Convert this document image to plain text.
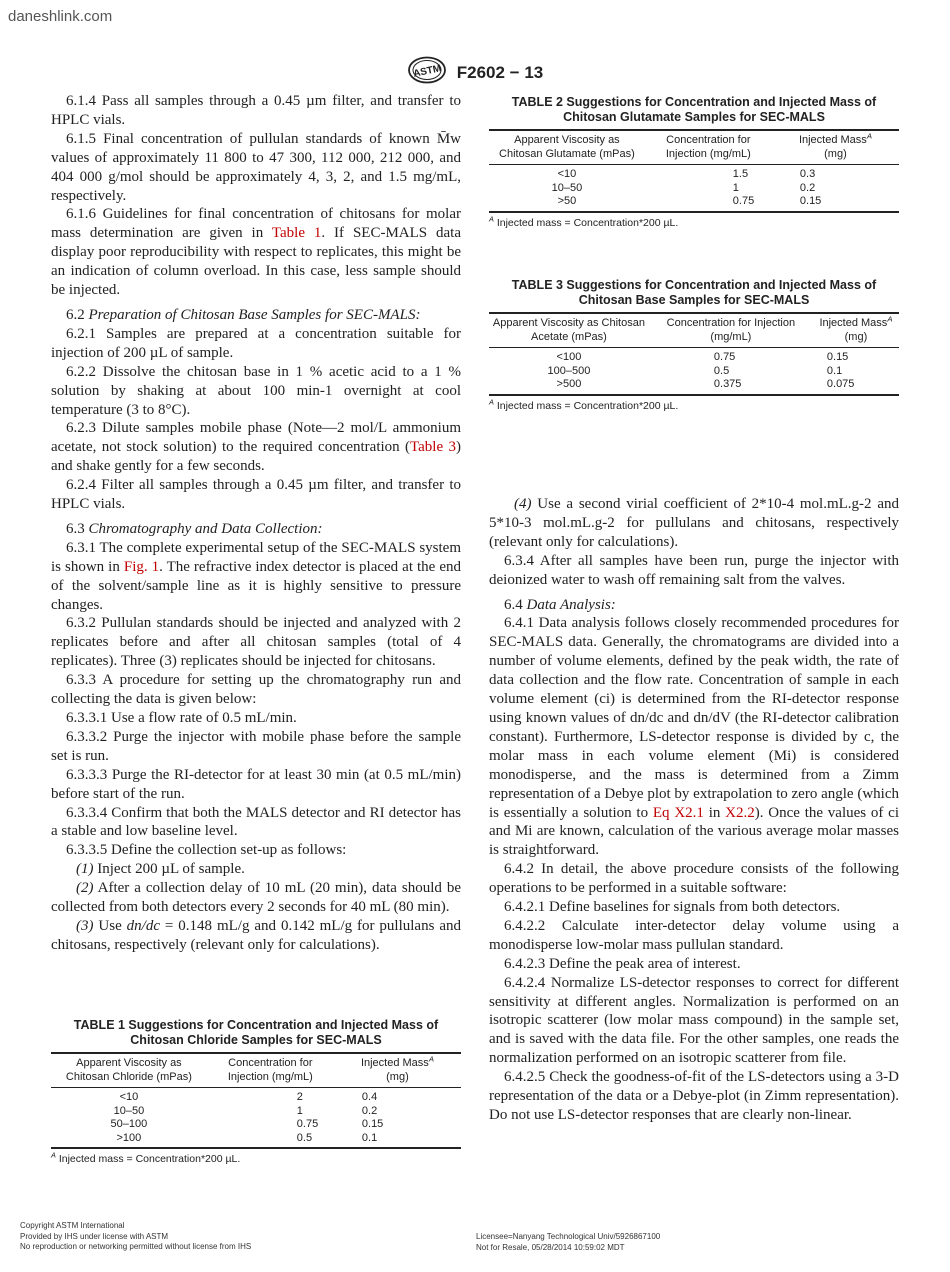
daneshlink.com
ASTM F2602 − 13

6.1.4 Pass all samples through a 0.45 µm filter, and transfer to HPLC vials.

6.1.5 Final concentration of pullulan standards of known M̄w values of approximately 11 800 to 47 300, 112 000, 212 000, and 404 000 g/mol should be approximately 4, 3, 2, and 1.5 mg/mL, respectively.

6.1.6 Guidelines for final concentration of chitosans for molar mass determination are given in Table 1. If SEC-MALS data display poor reproducibility with respect to replicates, this might be an indication of column overload. In this case, less sample should be injected.

6.2 Preparation of Chitosan Base Samples for SEC-MALS:

6.2.1 Samples are prepared at a concentration suitable for injection of 200 µL of sample.

6.2.2 Dissolve the chitosan base in 1 % acetic acid to a 1 % solution by shaking at about 100 min-1 overnight at cool temperature (3 to 8°C).

6.2.3 Dilute samples mobile phase (Note—2 mol/L ammonium acetate, not stock solution) to the required concentration (Table 3) and shake gently for a few seconds.

6.2.4 Filter all samples through a 0.45 µm filter, and transfer to HPLC vials.

6.3 Chromatography and Data Collection:

6.3.1 The complete experimental setup of the SEC-MALS system is shown in Fig. 1. The refractive index detector is placed at the end of the solvent/sample line as it is highly sensitive to pressure changes.

6.3.2 Pullulan standards should be injected and analyzed with 2 replicates before and after all chitosan samples (total of 4 replicates). Three (3) replicates should be injected for chitosans.

6.3.3 A procedure for setting up the chromatography run and collecting the data is given below:

6.3.3.1 Use a flow rate of 0.5 mL/min.

6.3.3.2 Purge the injector with mobile phase before the sample set is run.

6.3.3.3 Purge the RI-detector for at least 30 min (at 0.5 mL/min) before start of the run.

6.3.3.4 Confirm that both the MALS detector and RI detector has a stable and low baseline level.

6.3.3.5 Define the collection set-up as follows:

(1) Inject 200 µL of sample.

(2) After a collection delay of 10 mL (20 min), data should be collected from both detectors every 2 seconds for 40 mL (80 min).

(3) Use dn/dc = 0.148 mL/g and 0.142 mL/g for pullulans and chitosans, respectively (relevant only for calculations).

TABLE 1 Suggestions for Concentration and Injected Mass of Chitosan Chloride Samples for SEC-MALS
Apparent Viscosity as Chitosan Chloride (mPas)	Concentration for Injection (mg/mL)	Injected Mass$^A$
(mg)
<10	2	0.4
10–50	1	0.2
50–100	0.75	0.15
>100	0.5	0.1
$^A$ Injected mass = Concentration*200 µL.
TABLE 2 Suggestions for Concentration and Injected Mass of Chitosan Glutamate Samples for SEC-MALS
Apparent Viscosity as Chitosan Glutamate (mPas)	Concentration for Injection (mg/mL)	Injected Mass$^A$
(mg)
<10	1.5	0.3
10–50	1	0.2
>50	0.75	0.15
$^A$ Injected mass = Concentration*200 µL.
TABLE 3 Suggestions for Concentration and Injected Mass of Chitosan Base Samples for SEC-MALS
Apparent Viscosity as Chitosan Acetate (mPas)	Concentration for Injection (mg/mL)	Injected Mass$^A$
(mg)
<100	0.75	0.15
100–500	0.5	0.1
>500	0.375	0.075
$^A$ Injected mass = Concentration*200 µL.

(4) Use a second virial coefficient of 2*10-4 mol.mL.g-2 and 5*10-3 mol.mL.g-2 for pullulans and chitosans, respectively (relevant only for calculations).

6.3.4 After all samples have been run, purge the injector with deionized water to wash off remaining salt from the valves.

6.4 Data Analysis:

6.4.1 Data analysis follows closely recommended procedures for SEC-MALS data. Generally, the chromatograms are divided into a number of volume elements, defined by the peak width, the rate of data collection and the flow rate. Concentration of sample in each volume element (ci) is determined from the RI-detector response using known values of dn/dc and dn/dV (the RI-detector calibration constant). Furthermore, LS-detector response is divided by c, the molar mass in each volume element (Mi) is considered monodisperse, and the mass is determined from a Zimm representation of a Debye plot by extrapolation to zero angle (which is essentially a solution to Eq X2.1 in X2.2). Once the values of ci and Mi are known, calculation of the various average molar masses is straightforward.

6.4.2 In detail, the above procedure consists of the following operations to be performed in a suitable software:

6.4.2.1 Define baselines for signals from both detectors.

6.4.2.2 Calculate inter-detector delay volume using a monodisperse low-molar mass pullulan standard.

6.4.2.3 Define the peak area of interest.

6.4.2.4 Normalize LS-detector responses to correct for different sensitivity at different angles. Normalization is performed on an isotropic scatterer (low molar mass compound) in the sample set, and is saved with the data file. For the other samples, one reads the normalization performed on an isotropic scatterer from file.

6.4.2.5 Check the goodness-of-fit of the LS-detectors using a 3-D representation of the data or a Debye-plot (in Zimm representation). Do not use LS-detector responses that are clearly non-linear.

Copyright ASTM International
Provided by IHS under license with ASTM
No reproduction or networking permitted without license from IHS
Licensee=Nanyang Technological Univ/5926867100
Not for Resale, 05/28/2014 10:59:02 MDT
